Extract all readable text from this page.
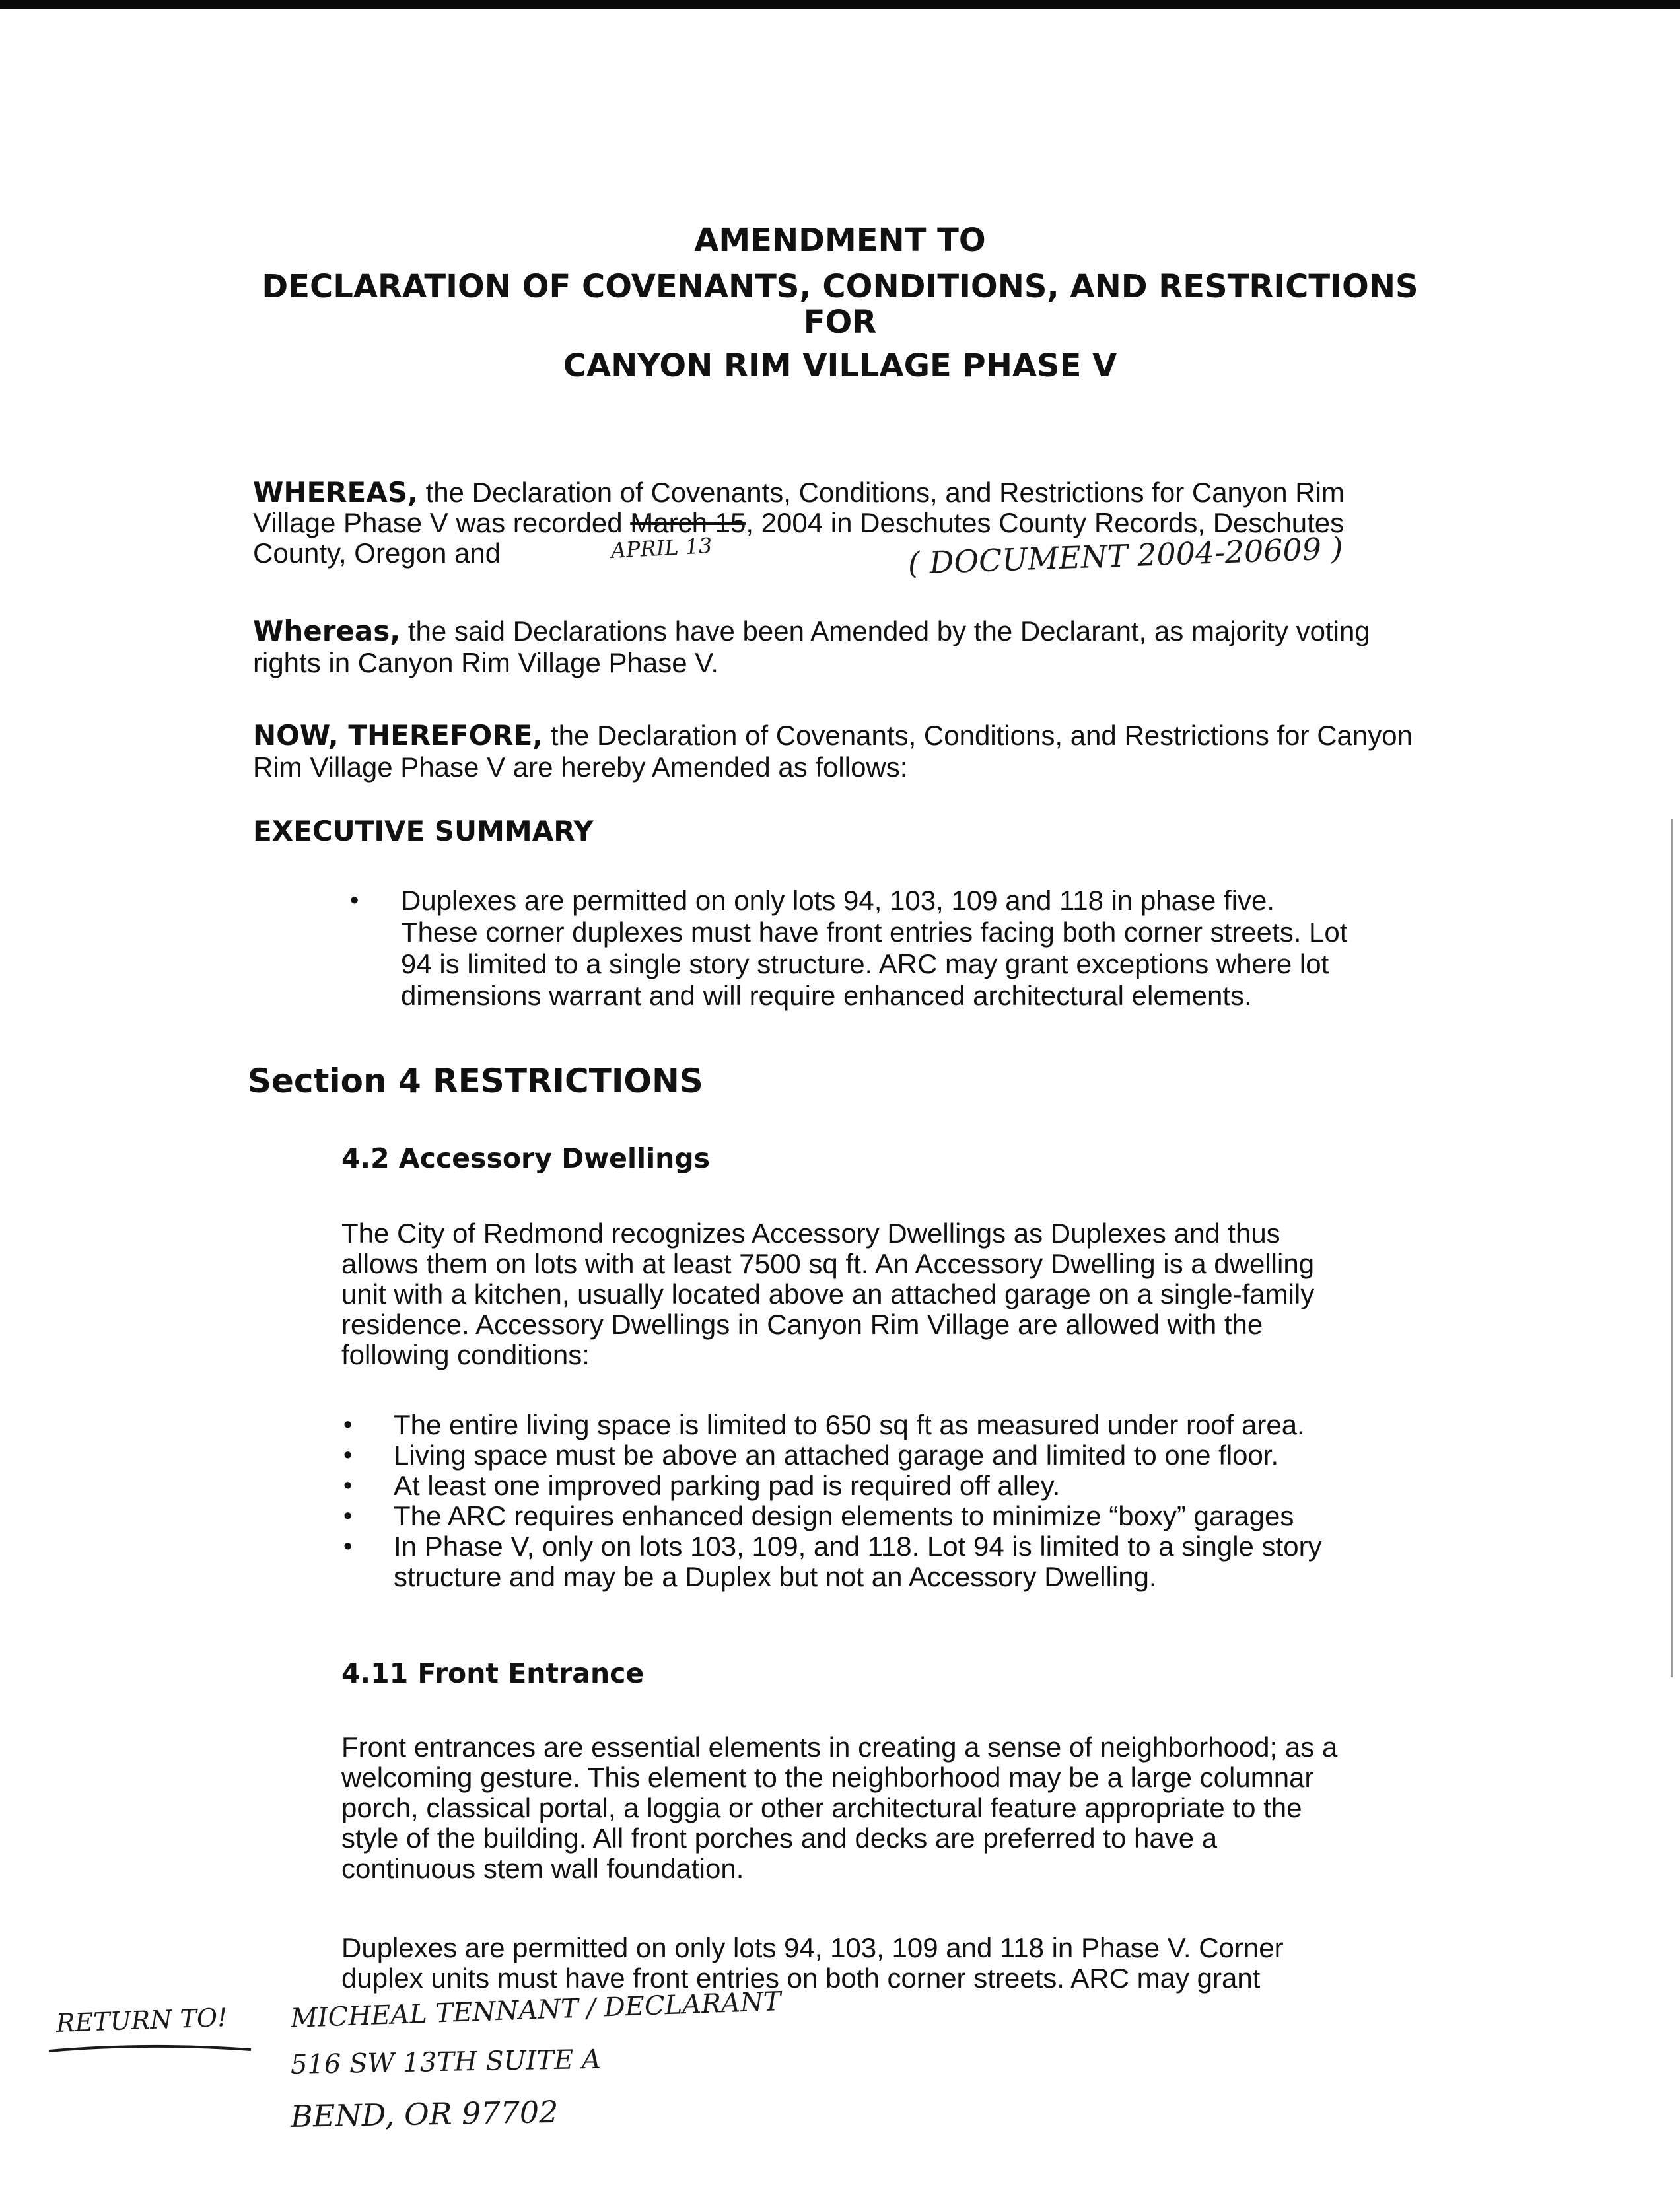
AMENDMENT TO
DECLARATION OF COVENANTS, CONDITIONS, AND RESTRICTIONS
FOR
CANYON RIM VILLAGE PHASE V
WHEREAS, the Declaration of Covenants, Conditions, and Restrictions for Canyon Rim
Village Phase V was recorded March 15, 2004 in Deschutes County Records, Deschutes
County, Oregon and
Whereas, the said Declarations have been Amended by the Declarant, as majority voting
rights in Canyon Rim Village Phase V.
NOW, THEREFORE, the Declaration of Covenants, Conditions, and Restrictions for Canyon
Rim Village Phase V are hereby Amended as follows:
EXECUTIVE SUMMARY
• Duplexes are permitted on only lots 94, 103, 109 and 118 in phase five.
These corner duplexes must have front entries facing both corner streets. Lot
94 is limited to a single story structure. ARC may grant exceptions where lot
dimensions warrant and will require enhanced architectural elements.
Section 4 RESTRICTIONS
4.2 Accessory Dwellings
The City of Redmond recognizes Accessory Dwellings as Duplexes and thus
allows them on lots with at least 7500 sq ft. An Accessory Dwelling is a dwelling
unit with a kitchen, usually located above an attached garage on a single-family
residence. Accessory Dwellings in Canyon Rim Village are allowed with the
following conditions:
• The entire living space is limited to 650 sq ft as measured under roof area.
• Living space must be above an attached garage and limited to one floor.
• At least one improved parking pad is required off alley.
• The ARC requires enhanced design elements to minimize “boxy” garages
• In Phase V, only on lots 103, 109, and 118. Lot 94 is limited to a single story
structure and may be a Duplex but not an Accessory Dwelling.
4.11 Front Entrance
Front entrances are essential elements in creating a sense of neighborhood; as a
welcoming gesture. This element to the neighborhood may be a large columnar
porch, classical portal, a loggia or other architectural feature appropriate to the
style of the building. All front porches and decks are preferred to have a
continuous stem wall foundation.
Duplexes are permitted on only lots 94, 103, 109 and 118 in Phase V. Corner
duplex units must have front entries on both corner streets. ARC may grant
APRIL 13	( DOCUMENT 2004-20609 )
RETURN TO! MICHEAL TENNANT / DECLARANT
516 SW 13TH SUITE A
BEND, OR 97702
